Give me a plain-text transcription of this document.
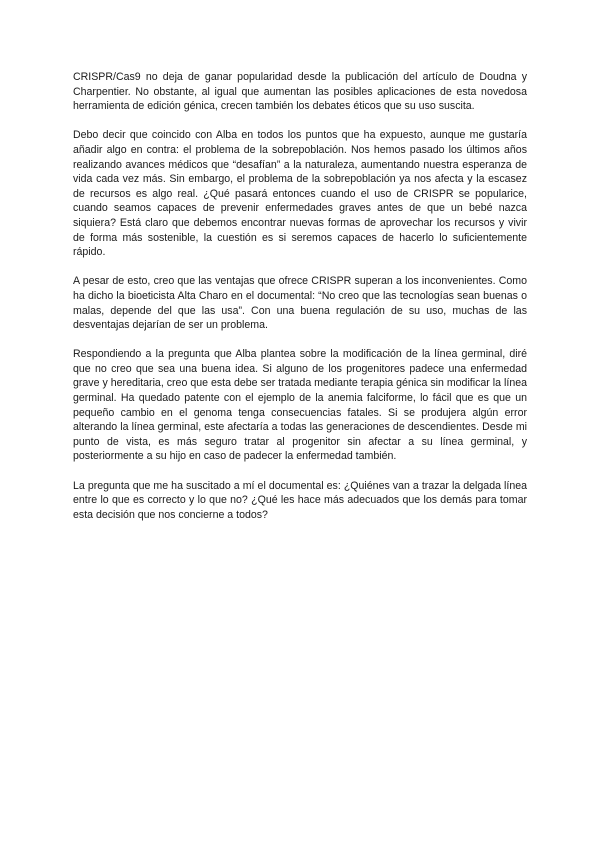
CRISPR/Cas9 no deja de ganar popularidad desde la publicación del artículo de Doudna y Charpentier. No obstante, al igual que aumentan las posibles aplicaciones de esta novedosa herramienta de edición génica, crecen también los debates éticos que su uso suscita.

Debo decir que coincido con Alba en todos los puntos que ha expuesto, aunque me gustaría añadir algo en contra: el problema de la sobrepoblación. Nos hemos pasado los últimos años realizando avances médicos que “desafían” a la naturaleza, aumentando nuestra esperanza de vida cada vez más. Sin embargo, el problema de la sobrepoblación ya nos afecta y la escasez de recursos es algo real. ¿Qué pasará entonces cuando el uso de CRISPR se popularice, cuando seamos capaces de prevenir enfermedades graves antes de que un bebé nazca siquiera? Está claro que debemos encontrar nuevas formas de aprovechar los recursos y vivir de forma más sostenible, la cuestión es si seremos capaces de hacerlo lo suficientemente rápido.

A pesar de esto, creo que las ventajas que ofrece CRISPR superan a los inconvenientes. Como ha dicho la bioeticista Alta Charo en el documental: “No creo que las tecnologías sean buenas o malas, depende del que las usa”. Con una buena regulación de su uso, muchas de las desventajas dejarían de ser un problema.

Respondiendo a la pregunta que Alba plantea sobre la modificación de la línea germinal, diré que no creo que sea una buena idea. Si alguno de los progenitores padece una enfermedad grave y hereditaria, creo que esta debe ser tratada mediante terapia génica sin modificar la línea germinal. Ha quedado patente con el ejemplo de la anemia falciforme, lo fácil que es que un pequeño cambio en el genoma tenga consecuencias fatales. Si se produjera algún error alterando la línea germinal, este afectaría a todas las generaciones de descendientes. Desde mi punto de vista, es más seguro tratar al progenitor sin afectar a su línea germinal, y posteriormente a su hijo en caso de padecer la enfermedad también.

La pregunta que me ha suscitado a mí el documental es: ¿Quiénes van a trazar la delgada línea entre lo que es correcto y lo que no? ¿Qué les hace más adecuados que los demás para tomar esta decisión que nos concierne a todos?
